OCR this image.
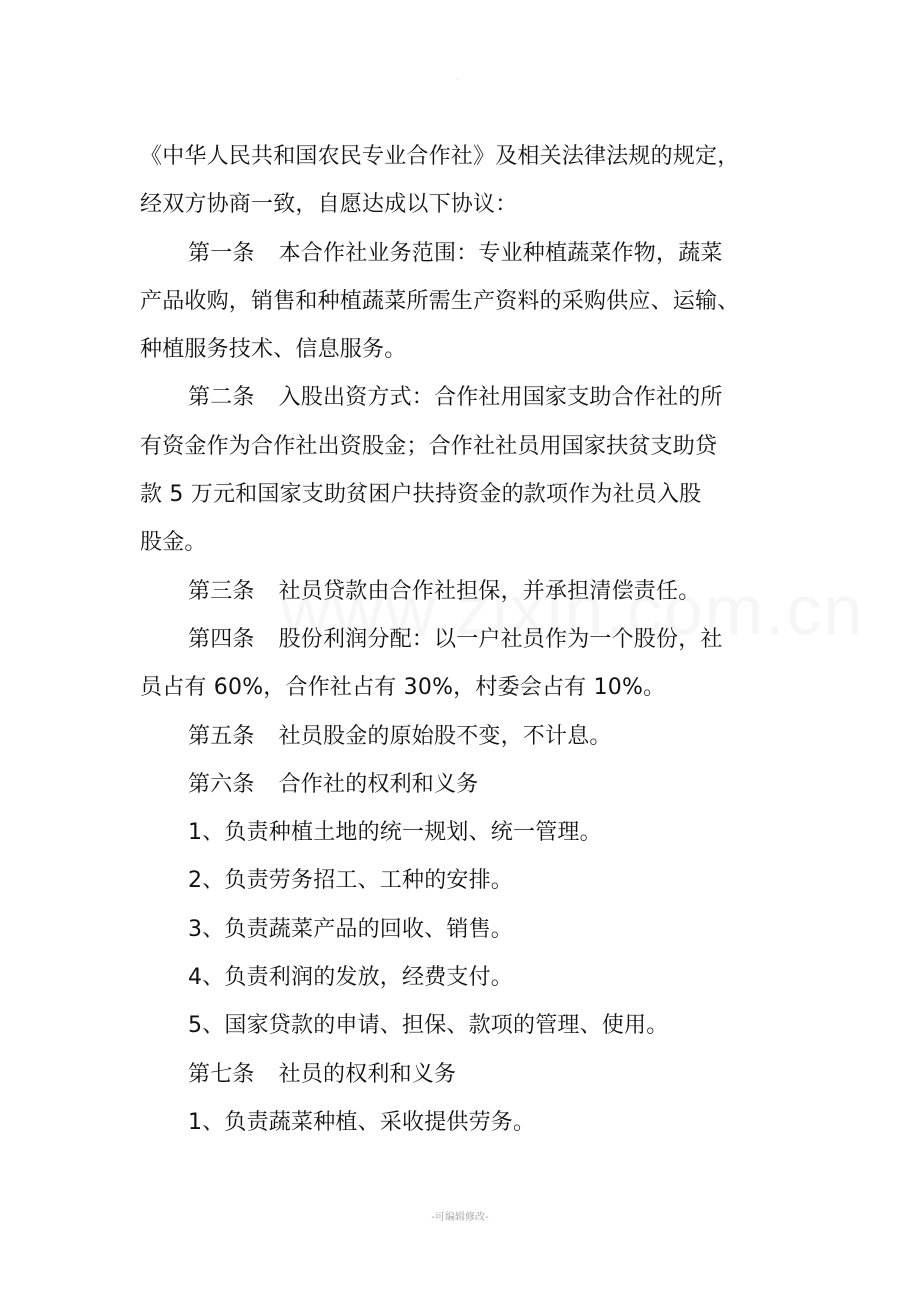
.

《中华人民共和国农民专业合作社》及相关法律法规的规定，

经双方协商一致，自愿达成以下协议：

第一条 本合作社业务范围：专业种植蔬菜作物，蔬菜

产品收购，销售和种植蔬菜所需生产资料的采购供应、运输、

种植服务技术、信息服务。

第二条 入股出资方式：合作社用国家支助合作社的所

有资金作为合作社出资股金；合作社社员用国家扶贫支助贷

款 5 万元和国家支助贫困户扶持资金的款项作为社员入股

股金。

第三条 社员贷款由合作社担保，并承担清偿责任。

第四条 股份利润分配：以一户社员作为一个股份，社

员占有 60%，合作社占有 30%，村委会占有 10%。

第五条 社员股金的原始股不变，不计息。

第六条 合作社的权利和义务

1、负责种植土地的统一规划、统一管理。

2、负责劳务招工、工种的安排。

3、负责蔬菜产品的回收、销售。

4、负责利润的发放，经费支付。

5、国家贷款的申请、担保、款项的管理、使用。

第七条 社员的权利和义务

1、负责蔬菜种植、采收提供劳务。

-可编辑修改-
